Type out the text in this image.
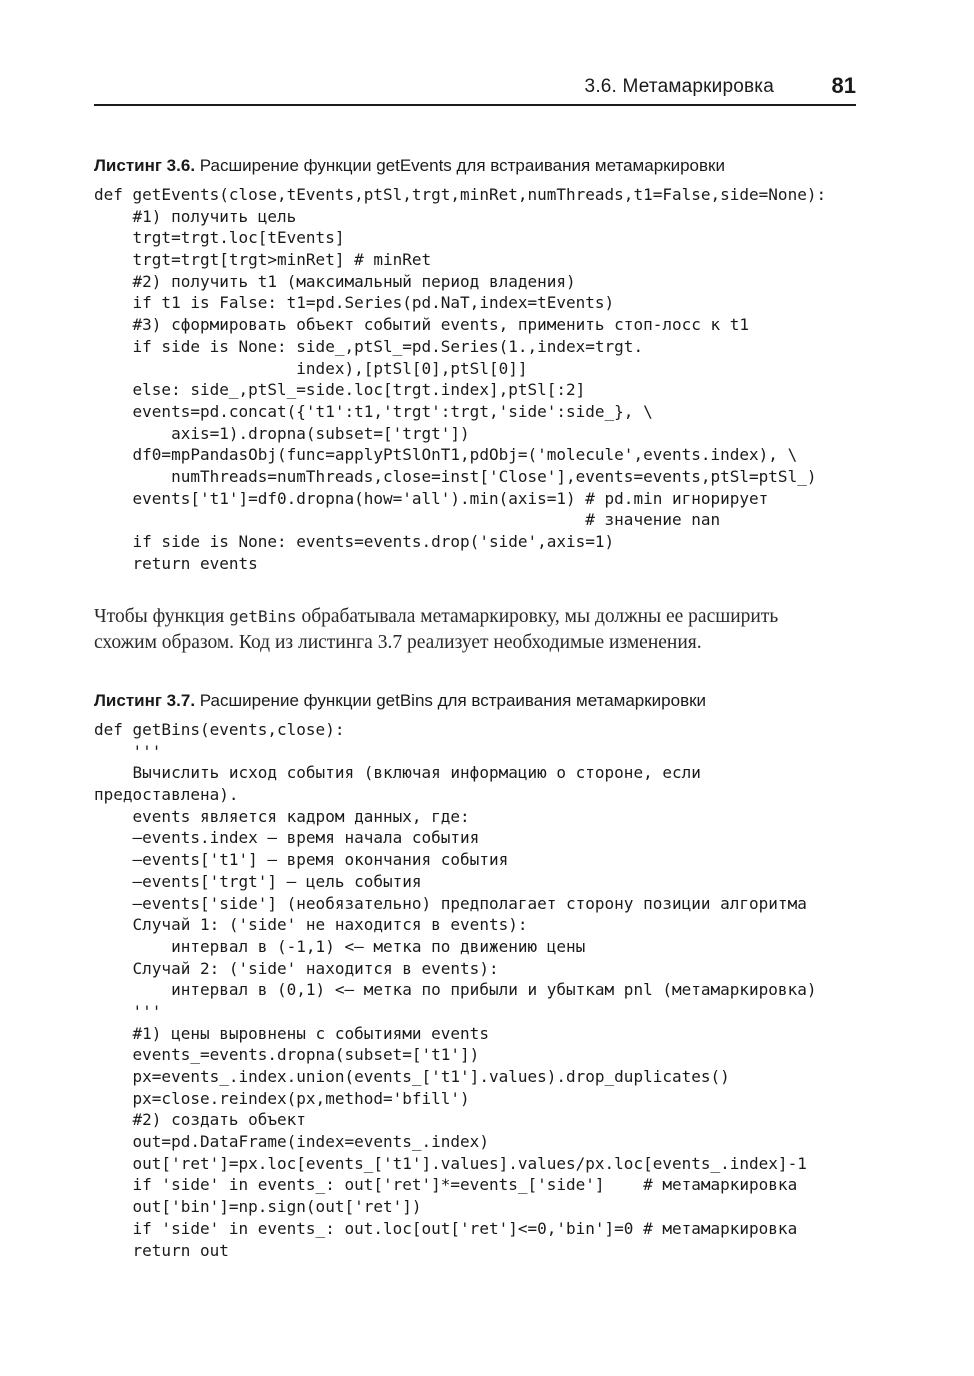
3.6. Метамаркировка	81
Листинг 3.6. Расширение функции getEvents для встраивания метамаркировки
def getEvents(close,tEvents,ptSl,trgt,minRet,numThreads,t1=False,side=None):
#1) получить цель
trgt=trgt.loc[tEvents]
trgt=trgt[trgt>minRet] # minRet
#2) получить t1 (максимальный период владения)
if t1 is False: t1=pd.Series(pd.NaT,index=tEvents)
#3) сформировать объект событий events, применить стоп-лосс к t1
if side is None: side_,ptSl_=pd.Series(1.,index=trgt.
index),[ptSl[0],ptSl[0]]
else: side_,ptSl_=side.loc[trgt.index],ptSl[:2]
events=pd.concat({'t1':t1,'trgt':trgt,'side':side_}, \
axis=1).dropna(subset=['trgt'])
df0=mpPandasObj(func=applyPtSlOnT1,pdObj=('molecule',events.index), \
numThreads=numThreads,close=inst['Close'],events=events,ptSl=ptSl_)
events['t1']=df0.dropna(how='all').min(axis=1) # pd.min игнорирует
# значение nan
if side is None: events=events.drop('side',axis=1)
return events

Чтобы функция getBins обрабатывала метамаркировку, мы должны ее расширить
схожим образом. Код из листинга 3.7 реализует необходимые изменения.

Листинг 3.7. Расширение функции getBins для встраивания метамаркировки
def getBins(events,close):
'''
Вычислить исход события (включая информацию о стороне, если
предоставлена).
events является кадром данных, где:
—events.index — время начала события
—events['t1'] — время окончания события
—events['trgt'] — цель события
—events['side'] (необязательно) предполагает сторону позиции алгоритма
Случай 1: ('side' не находится в events):
интервал в (-1,1) <— метка по движению цены
Случай 2: ('side' находится в events):
интервал в (0,1) <— метка по прибыли и убыткам pnl (метамаркировка)
'''
#1) цены выровнены с событиями events
events_=events.dropna(subset=['t1'])
px=events_.index.union(events_['t1'].values).drop_duplicates()
px=close.reindex(px,method='bfill')
#2) создать объект
out=pd.DataFrame(index=events_.index)
out['ret']=px.loc[events_['t1'].values].values/px.loc[events_.index]-1
if 'side' in events_: out['ret']*=events_['side']    # метамаркировка
out['bin']=np.sign(out['ret'])
if 'side' in events_: out.loc[out['ret']<=0,'bin']=0 # метамаркировка
return out
